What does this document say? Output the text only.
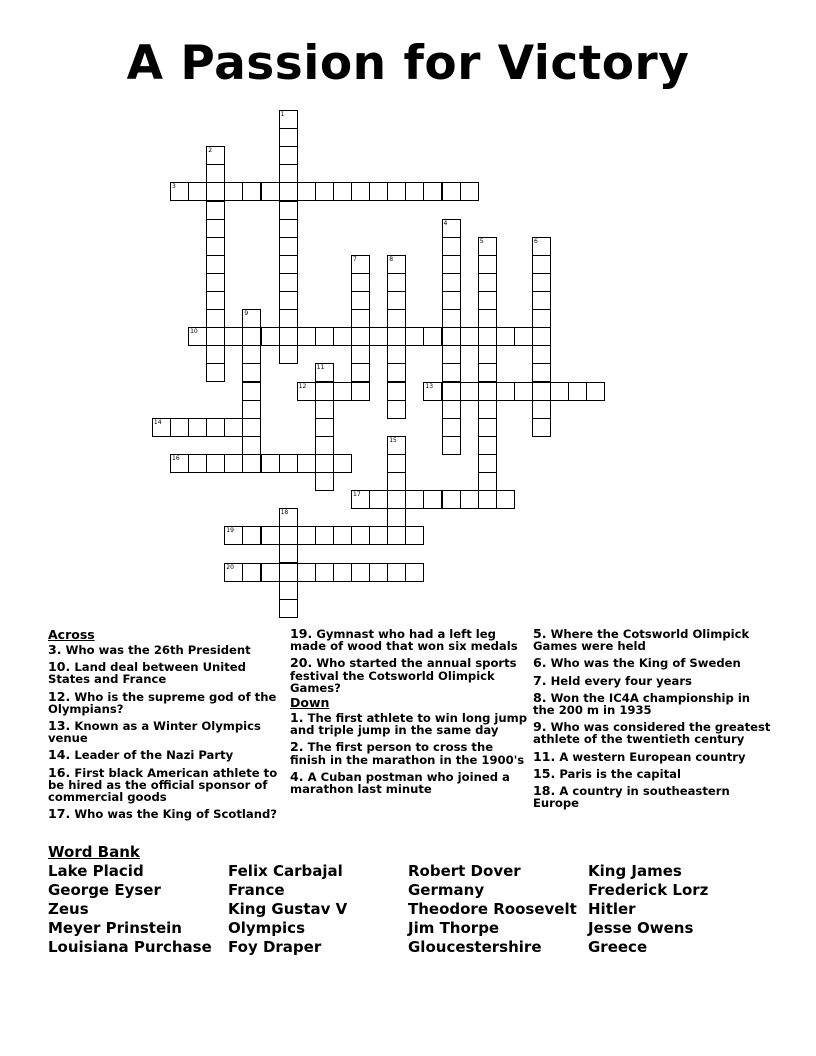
A Passion for Victory
1
2
3
4
5	6
7	8
9
10
11
12	13
14
15
16
17
18
19
20
Across
3. Who was the 26th President
10. Land deal between United States and France
12. Who is the supreme god of the Olympians?
13. Known as a Winter Olympics venue
14. Leader of the Nazi Party
16. First black American athlete to be hired as the official sponsor of commercial goods
17. Who was the King of Scotland?
19. Gymnast who had a left leg made of wood that won six medals
20. Who started the annual sports festival the Cotsworld Olimpick Games?
Down
1. The first athlete to win long jump and triple jump in the same day
2. The first person to cross the finish in the marathon in the 1900's
4. A Cuban postman who joined a marathon last minute
5. Where the Cotsworld Olimpick Games were held
6. Who was the King of Sweden
7. Held every four years
8. Won the IC4A championship in the 200 m in 1935
9. Who was considered the greatest athlete of the twentieth century
11. A western European country
15. Paris is the capital
18. A country in southeastern Europe
Word Bank
Lake Placid
George Eyser
Zeus
Meyer Prinstein
Louisiana Purchase
Felix Carbajal
France
King Gustav V
Olympics
Foy Draper
Robert Dover
Germany
Theodore Roosevelt
Jim Thorpe
Gloucestershire
King James
Frederick Lorz
Hitler
Jesse Owens
Greece
